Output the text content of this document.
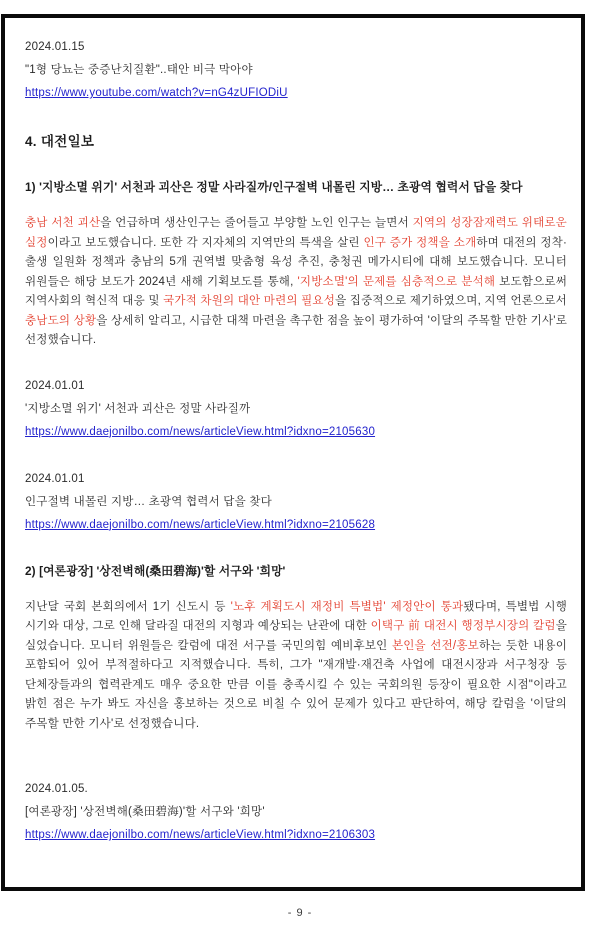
2024.01.15
"1형 당뇨는 중증난치질환"..태안 비극 막아야
https://www.youtube.com/watch?v=nG4zUFIODiU
4. 대전일보
1) '지방소멸 위기' 서천과 괴산은 정말 사라질까/인구절벽 내몰린 지방… 초광역 협력서 답을 찾다
충남 서천 괴산을 언급하며 생산인구는 줄어들고 부양할 노인 인구는 늘면서 지역의 성장잠재력도 위태로운 실정이라고 보도했습니다. 또한 각 지자체의 지역만의 특색을 살린 인구 증가 정책을 소개하며 대전의 정착·출생 일원화 정책과 충남의 5개 권역별 맞춤형 육성 추진, 충청권 메가시티에 대해 보도했습니다. 모니터 위원들은 해당 보도가 2024년 새해 기획보도를 통해, '지방소멸'의 문제를 심층적으로 분석해 보도함으로써 지역사회의 혁신적 대응 및 국가적 차원의 대안 마련의 필요성을 집중적으로 제기하였으며, 지역 언론으로서 충남도의 상황을 상세히 알리고, 시급한 대책 마련을 촉구한 점을 높이 평가하여 '이달의 주목할 만한 기사'로 선정했습니다.
2024.01.01
'지방소멸 위기' 서천과 괴산은 정말 사라질까
https://www.daejonilbo.com/news/articleView.html?idxno=2105630
2024.01.01
인구절벽 내몰린 지방… 초광역 협력서 답을 찾다
https://www.daejonilbo.com/news/articleView.html?idxno=2105628
2) [여론광장] '상전벽해(桑田碧海)'할 서구와 '희망'
지난달 국회 본회의에서 1기 신도시 등 '노후 계획도시 재정비 특별법' 제정안이 통과됐다며, 특별법 시행 시기와 대상, 그로 인해 달라질 대전의 지형과 예상되는 난관에 대한 이택구 前 대전시 행정부시장의 칼럼을 실었습니다. 모니터 위원들은 칼럼에 대전 서구를 국민의힘 예비후보인 본인을 선전/홍보하는 듯한 내용이 포함되어 있어 부적절하다고 지적했습니다. 특히, 그가 "재개발·재건축 사업에 대전시장과 서구청장 등 단체장들과의 협력관계도 매우 중요한 만큼 이를 충족시킬 수 있는 국회의원 등장이 필요한 시점"이라고 밝힌 점은 누가 봐도 자신을 홍보하는 것으로 비칠 수 있어 문제가 있다고 판단하여, 해당 칼럼을 '이달의 주목할 만한 기사'로 선정했습니다.
2024.01.05.
[여론광장] '상전벽해(桑田碧海)'할 서구와 '희망'
https://www.daejonilbo.com/news/articleView.html?idxno=2106303
- 9 -
